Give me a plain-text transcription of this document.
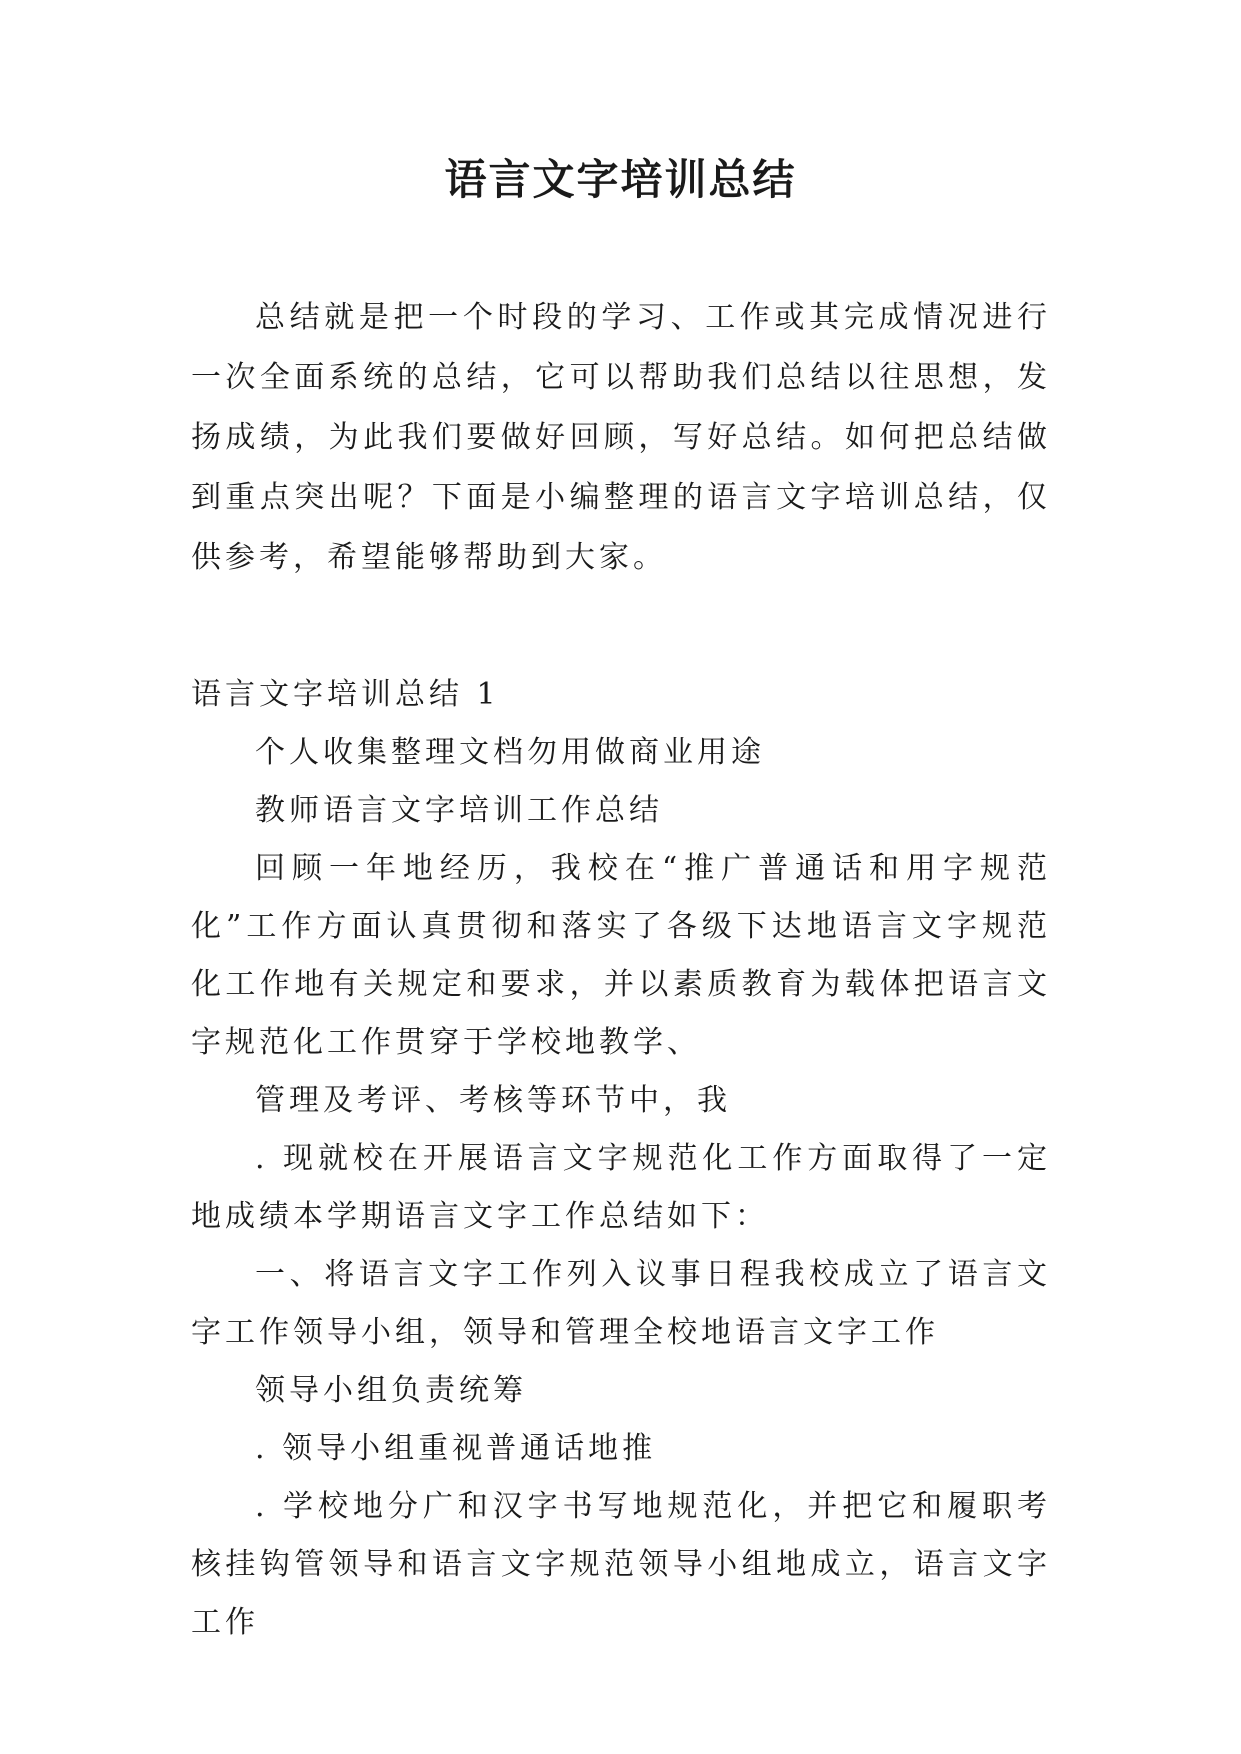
语言文字培训总结

总结就是把一个时段的学习、工作或其完成情况进行一次全面系统的总结，它可以帮助我们总结以往思想，发扬成绩，为此我们要做好回顾，写好总结。如何把总结做到重点突出呢？下面是小编整理的语言文字培训总结，仅供参考，希望能够帮助到大家。

语言文字培训总结 1

个人收集整理文档勿用做商业用途

教师语言文字培训工作总结

回顾一年地经历，我校在“推广普通话和用字规范化”工作方面认真贯彻和落实了各级下达地语言文字规范化工作地有关规定和要求，并以素质教育为载体把语言文字规范化工作贯穿于学校地教学、

管理及考评、考核等环节中，我

. 现就校在开展语言文字规范化工作方面取得了一定地成绩本学期语言文字工作总结如下：

一、将语言文字工作列入议事日程我校成立了语言文字工作领导小组，领导和管理全校地语言文字工作

领导小组负责统筹

. 领导小组重视普通话地推

. 学校地分广和汉字书写地规范化，并把它和履职考核挂钩管领导和语言文字规范领导小组地成立，语言文字工作
